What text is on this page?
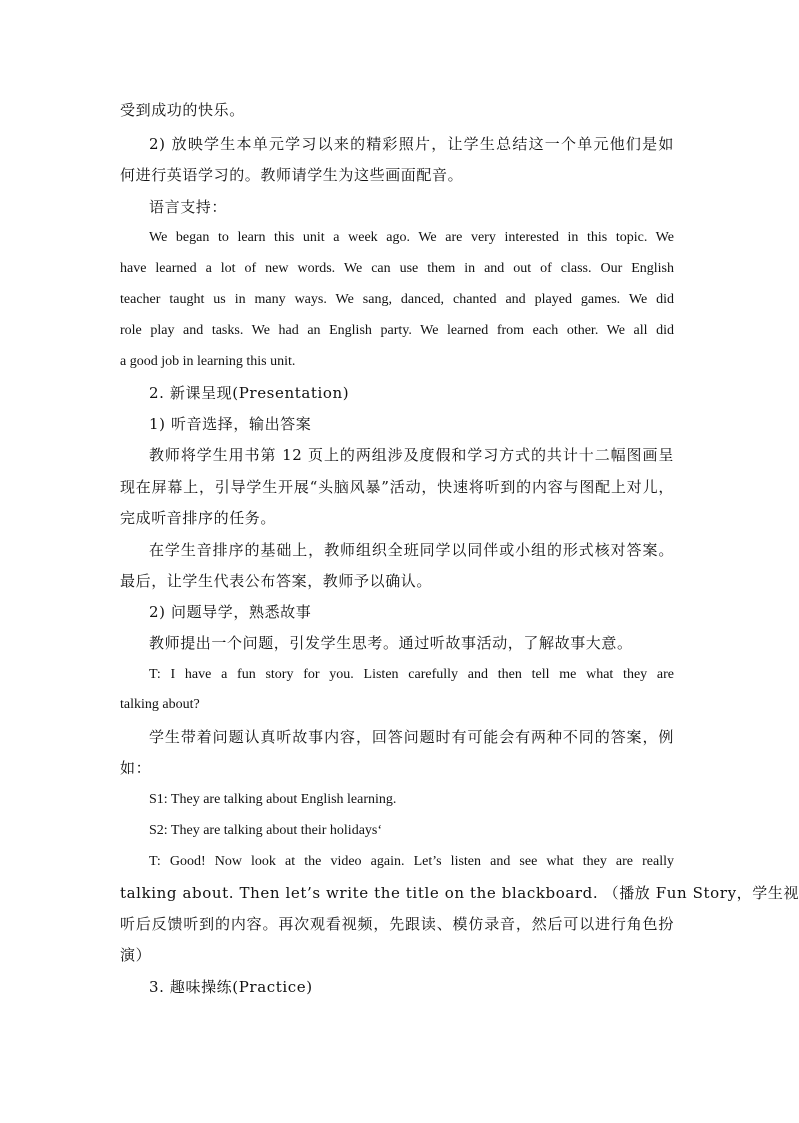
受到成功的快乐。

2) 放映学生本单元学习以来的精彩照片，让学生总结这一个单元他们是如

何进行英语学习的。教师请学生为这些画面配音。

语言支持：

We began to learn this unit a week ago. We are very interested in this topic. We

have learned a lot of new words. We can use them in and out of class. Our English

teacher taught us in many ways. We sang, danced, chanted and played games. We did

role play and tasks. We had an English party. We learned from each other. We all did

a good job in learning this unit.

2. 新课呈现(Presentation)

1) 听音选择，输出答案

教师将学生用书第 12 页上的两组涉及度假和学习方式的共计十二幅图画呈

现在屏幕上，引导学生开展“头脑风暴”活动，快速将听到的内容与图配上对儿，

完成听音排序的任务。

在学生音排序的基础上，教师组织全班同学以同伴或小组的形式核对答案。

最后，让学生代表公布答案，教师予以确认。

2) 问题导学，熟悉故事

教师提出一个问题，引发学生思考。通过听故事活动，了解故事大意。

T: I have a fun story for you. Listen carefully and then tell me what they are

talking about?

学生带着问题认真听故事内容，回答问题时有可能会有两种不同的答案，例

如：

S1: They are talking about English learning.

S2: They are talking about their holidays‘

T: Good! Now look at the video again. Let’s listen and see what they are really

talking about. Then let’s write the title on the blackboard. （播放 Fun Story，学生视

听后反馈听到的内容。再次观看视频，先跟读、模仿录音，然后可以进行角色扮

演）

3. 趣味操练(Practice)
